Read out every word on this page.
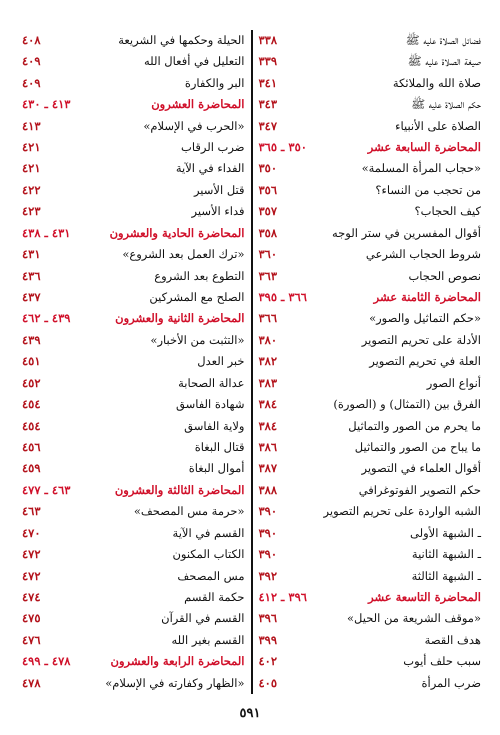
فضائل الصلاة عليه ﷺ
٣٣٨
صيغة الصلاة عليه ﷺ
٣٣٩
صلاة الله والملائكة
٣٤١
حكم الصلاة عليه ﷺ
٣٤٣
الصلاة على الأنبياء
٣٤٧
المحاضرة السابعة عشر
٣٥٠ ـ ٣٦٥
«حجاب المرأة المسلمة»
٣٥٠
من تحجب من النساء؟
٣٥٦
كيف الحجاب؟
٣٥٧
أقوال المفسرين في ستر الوجه
٣٥٨
شروط الحجاب الشرعي
٣٦٠
نصوص الحجاب
٣٦٣
المحاضرة الثامنة عشر
٣٦٦ ـ ٣٩٥
«حكم التماثيل والصور»
٣٦٦
الأدلة على تحريم التصوير
٣٨٠
العلة في تحريم التصوير
٣٨٢
أنواع الصور
٣٨٣
الفرق بين (التمثال) و (الصورة)
٣٨٤
ما يحرم من الصور والتماثيل
٣٨٤
ما يباح من الصور والتماثيل
٣٨٦
أقوال العلماء في التصوير
٣٨٧
حكم التصوير الفوتوغرافي
٣٨٨
الشبه الواردة على تحريم التصوير
٣٩٠
ـ الشبهة الأولى
٣٩٠
ـ الشبهة الثانية
٣٩٠
ـ الشبهة الثالثة
٣٩٢
المحاضرة التاسعة عشر
٣٩٦ ـ ٤١٢
«موقف الشريعة من الحيل»
٣٩٦
هدف القصة
٣٩٩
سبب حلف أيوب
٤٠٢
ضرب المرأة
٤٠٥
الحيلة وحكمها في الشريعة
٤٠٨
التعليل في أفعال الله
٤٠٩
البر والكفارة
٤٠٩
المحاضرة العشرون
٤١٣ ـ ٤٣٠
«الحرب في الإسلام»
٤١٣
ضرب الرقاب
٤٢١
الفداء في الآية
٤٢١
قتل الأسير
٤٢٢
فداء الأسير
٤٢٣
المحاضرة الحادية والعشرون
٤٣١ ـ ٤٣٨
«ترك العمل بعد الشروع»
٤٣١
التطوع بعد الشروع
٤٣٦
الصلح مع المشركين
٤٣٧
المحاضرة الثانية والعشرون
٤٣٩ ـ ٤٦٢
«التثبت من الأخبار»
٤٣٩
خبر العدل
٤٥١
عدالة الصحابة
٤٥٢
شهادة الفاسق
٤٥٤
ولاية الفاسق
٤٥٤
قتال البغاة
٤٥٦
أموال البغاة
٤٥٩
المحاضرة الثالثة والعشرون
٤٦٣ ـ ٤٧٧
«حرمة مس المصحف»
٤٦٣
القسم في الآية
٤٧٠
الكتاب المكنون
٤٧٢
مس المصحف
٤٧٢
حكمة القسم
٤٧٤
القسم في القرآن
٤٧٥
القسم بغير الله
٤٧٦
المحاضرة الرابعة والعشرون
٤٧٨ ـ ٤٩٩
«الظهار وكفارته في الإسلام»
٤٧٨
٥٩١
